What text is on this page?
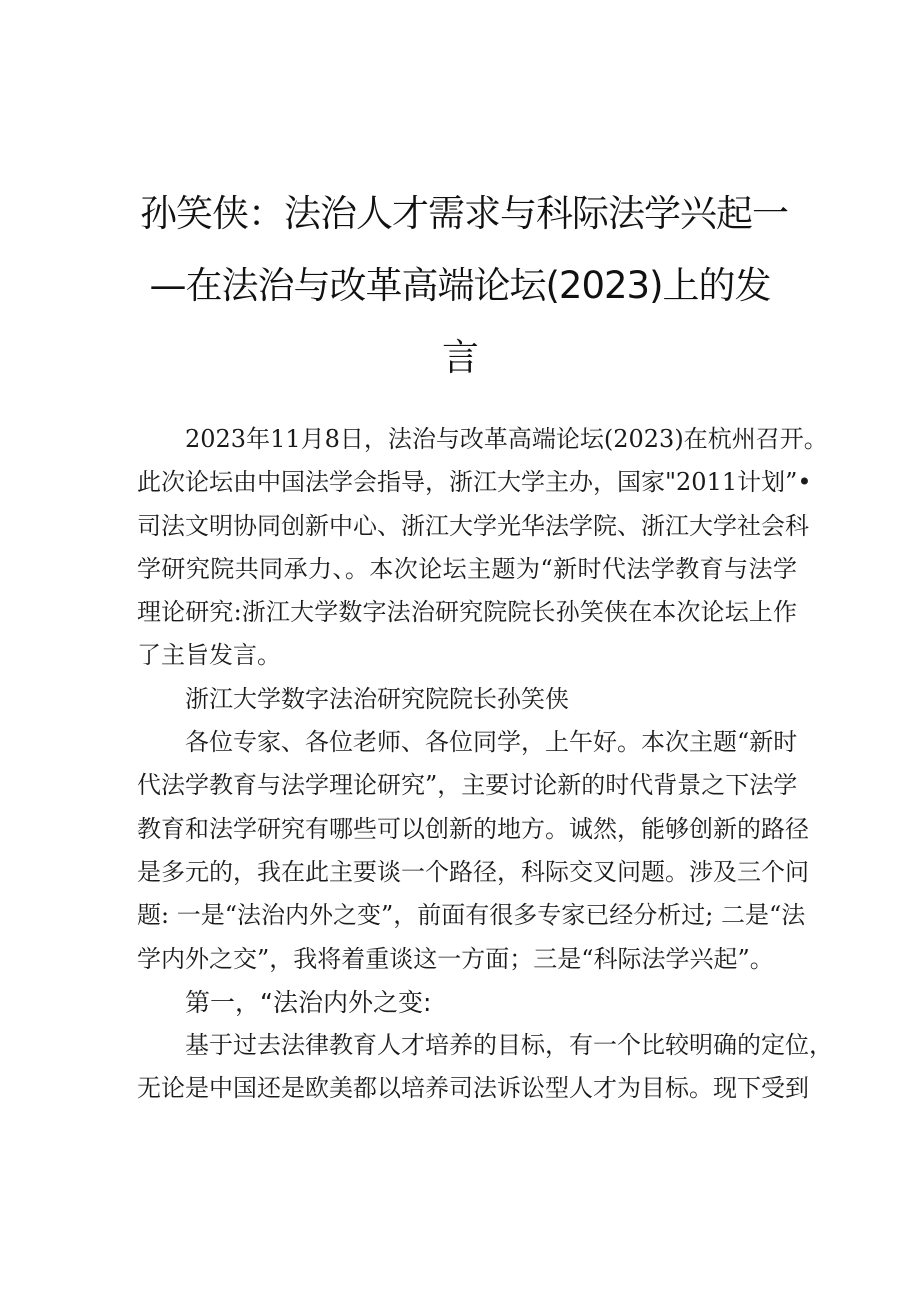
孙笑侠：法治人才需求与科际法学兴起一
—在法治与改革高端论坛(2023)上的发
言
2023年11月8日，法治与改革高端论坛(2023)在杭州召开。
此次论坛由中国法学会指导，浙江大学主办，国家"2011计划”•
司法文明协同创新中心、浙江大学光华法学院、浙江大学社会科
学研究院共同承力、。本次论坛主题为“新时代法学教育与法学
理论研究:浙江大学数字法治研究院院长孙笑侠在本次论坛上作
了主旨发言。
浙江大学数字法治研究院院长孙笑侠
各位专家、各位老师、各位同学，上午好。本次主题“新时
代法学教育与法学理论研究”，主要讨论新的时代背景之下法学
教育和法学研究有哪些可以创新的地方。诚然，能够创新的路径
是多元的，我在此主要谈一个路径，科际交叉问题。涉及三个问
题: 一是“法治内外之变”，前面有很多专家已经分析过; 二是“法
学内外之交”，我将着重谈这一方面；三是“科际法学兴起”。
第一，“法治内外之变:
基于过去法律教育人才培养的目标，有一个比较明确的定位，
无论是中国还是欧美都以培养司法诉讼型人才为目标。现下受到
